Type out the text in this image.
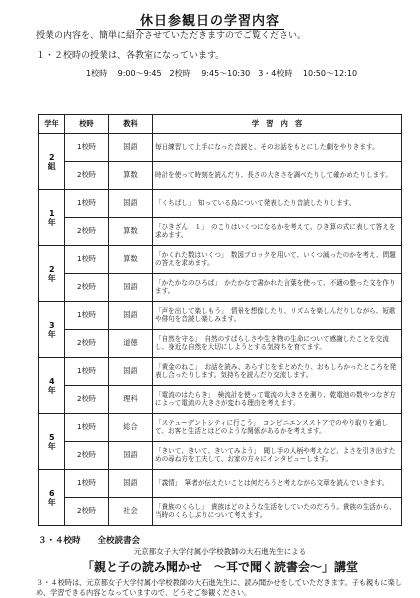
休日参観日の学習内容
授業の内容を、簡単に紹介させていただきますのでご覧ください。
１・２校時の授業は、各教室になっています。
1校時 9:00～9:45　2校時 9:45～10:30　3・4校時 10:50～12:10
学年	校時	教科	学　習　内　容

2組	1校時	国語	毎日練習して上手になった音読と、そのお話をもとにした劇をやりきます。
	2校時	算数	時計を使って時刻を読んだり、長さの大きさを調べたりして確かめたりします。

1年	1校時	国語	「くちばし」　知っている鳥について発表したり音読したりします。
	2校時	算数	「ひきざん　１」　のこりはいくつになるかを考えて、ひき算の式に表して答えを求めます。

2年	1校時	算数	「かくれた数はいくつ」　数図ブロックを用いて、いくつ減ったのかを考え、問題の答えを求めます。
	2校時	国語	「かたかなのひろば」　かたかなで書かれた言葉を使って、不適の整った文を作ります。

3年	1校時	国語	「声を出して楽しもう」　情景を想像したり、リズムを楽しんだりしながら、短歌や俳句を音読し楽しみます。
	2校時	道徳	「自然を守る」　自然のすばらしさや生き物の生命について感謝したことを交流し、身近な自然を大切にしようとする気持ちを育てます。

4年	1校時	国語	「黄金のねこ」　お話を読み、あらすじをまとめたり、おもしろかったところを発表し合ったりします。気持ちを読んだり交流します。
	2校時	理科	「電流のはたらき」　検流計を使って電流の大きさを測り、乾電池の数やつなぎ方によって電流の大きさが変わる理由を考えます。

5年	1校時	総合	「ステューデントシティに行こう」　コンビニエンスストアでのやり取りを通して、お客と生活とはどのような関係があるかを考えます。
	2校時	国語	「きいて、きいて、きいてみよう」　聞し手の人柄や考えなど、よさを引き出すための尋ね方を工夫して、お家の方々にインタビューします。

6年	1校時	国語	「義情」　筆者が伝えたいことは何だろうと考えながら文章を読んでいきます。
	2校時	社会	「貴族のくらし」　貴族はどのような生活をしていたのだろう。貴族の生活から、当時のくらしぶりについて考えます。
３・４校時　　全校読書会
元京都女子大学付属小学校教師の大石進先生による
「親と子の読み聞かせ　～耳で聞く読書会～」講堂
３・４校時は、元京都女子大学付属小学校教師の大石進先生に、読み聞かせをしていただきます。子も親もに楽しめ、学習できる内容となっていますので、どうぞご参観ください。
